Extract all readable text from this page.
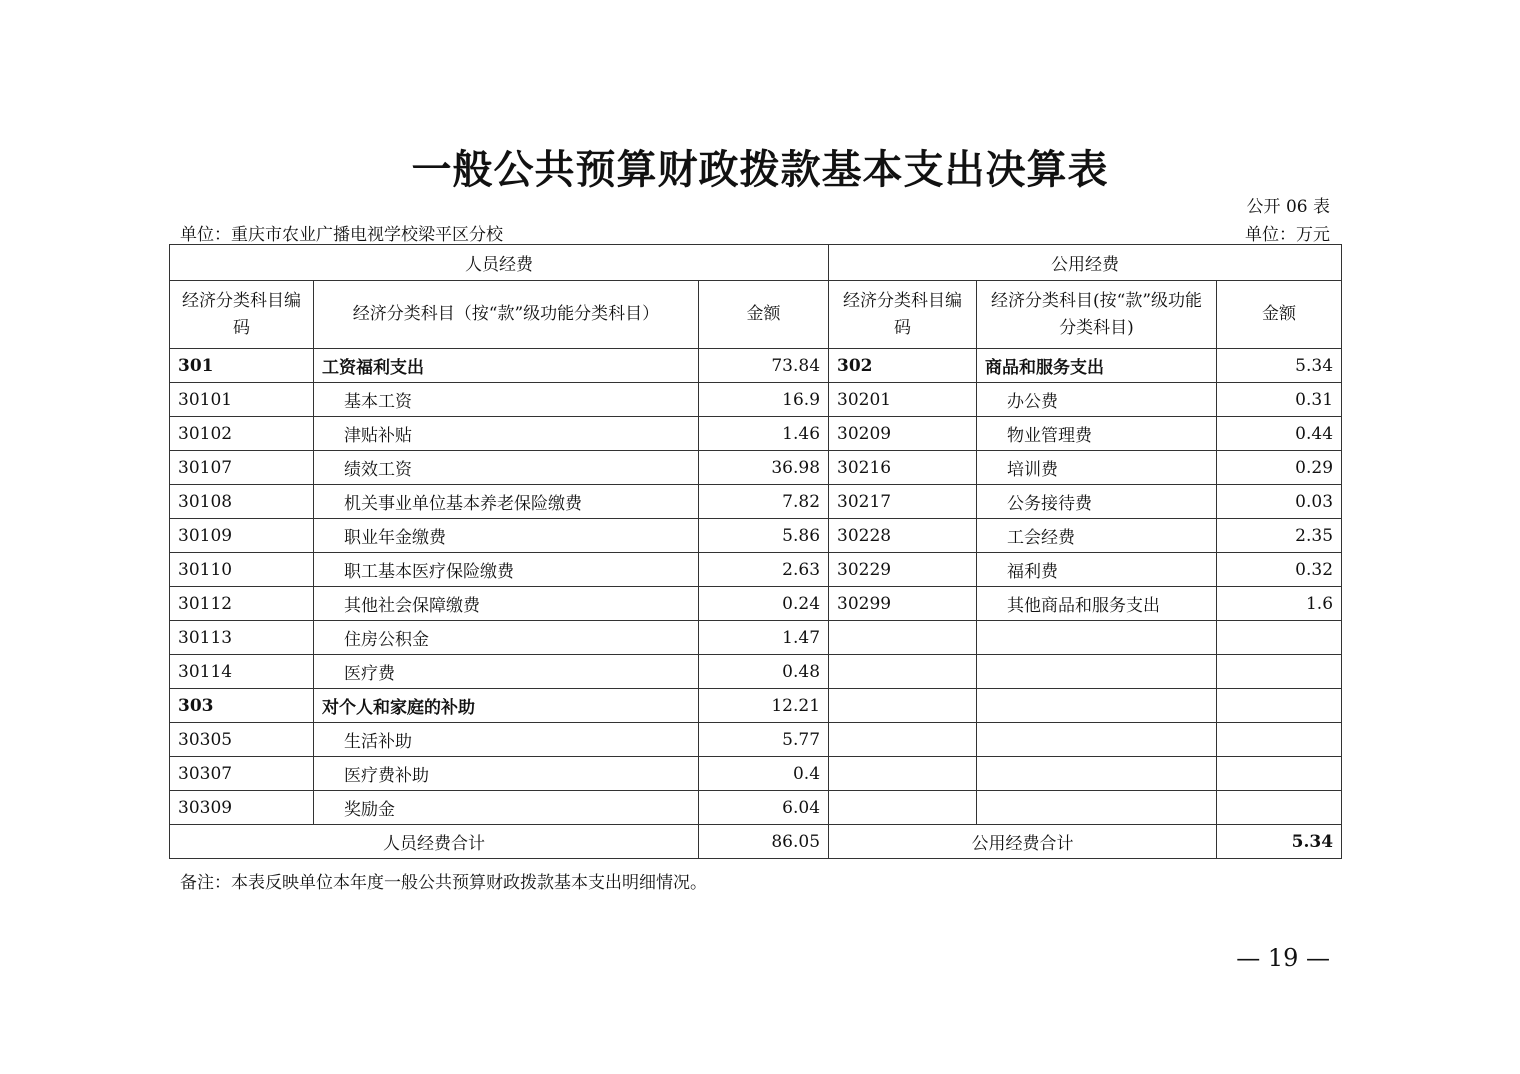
一般公共预算财政拨款基本支出决算表
公开 06 表
单位：重庆市农业广播电视学校梁平区分校	单位：万元
人员经费			公用经费		
经济分类科目编码	经济分类科目（按“款”级功能分类科目）	金额	经济分类科目编码	经济分类科目(按“款”级功能分类科目)	金额
301	工资福利支出	73.84	302	商品和服务支出	5.34
30101	基本工资	16.9	30201	办公费	0.31
30102	津贴补贴	1.46	30209	物业管理费	0.44
30107	绩效工资	36.98	30216	培训费	0.29
30108	机关事业单位基本养老保险缴费	7.82	30217	公务接待费	0.03
30109	职业年金缴费	5.86	30228	工会经费	2.35
30110	职工基本医疗保险缴费	2.63	30229	福利费	0.32
30112	其他社会保障缴费	0.24	30299	其他商品和服务支出	1.6
30113	住房公积金	1.47			
30114	医疗费	0.48			
303	对个人和家庭的补助	12.21			
30305	生活补助	5.77			
30307	医疗费补助	0.4			
30309	奖励金	6.04			
人员经费合计		86.05	公用经费合计		5.34
备注：本表反映单位本年度一般公共预算财政拨款基本支出明细情况。
— 19 —
